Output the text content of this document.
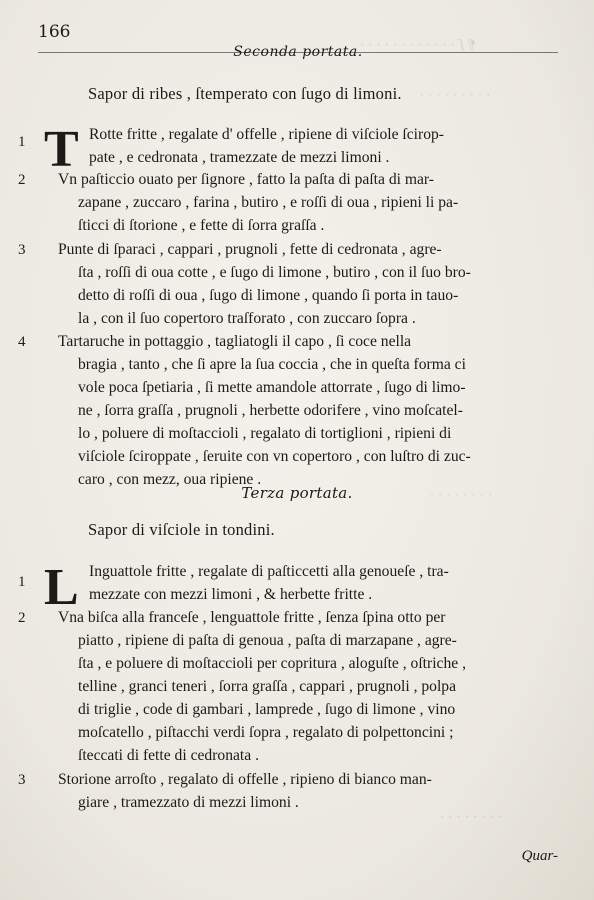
¶ ſ · · · · · · · · · · · ·
· · · · · · · · ·
· · · · · · · ·
· · · · · · · ·
166
Seconda portata.
Sapor di ribes , ſtemperato con ſugo di limoni.
1 T Rotte fritte , regalate d' offelle , ripiene di viſciole ſcirop-
pate , e cedronata , tramezzate de mezzi limoni .
2	Vn paſticcio ouato per ſignore , fatto la paſta di paſta di mar-
zapane , zuccaro , farina , butiro , e roſſi di oua , ripieni li pa-
ſticci di ſtorione , e fette di ſorra graſſa .
3	Punte di ſparaci , cappari , prugnoli , fette di cedronata , agre-
ſta , roſſi di oua cotte , e ſugo di limone , butiro , con il ſuo bro-
detto di roſſi di oua , ſugo di limone , quando ſi porta in tauo-
la , con il ſuo copertoro traſforato , con zuccaro ſopra .
4	Tartaruche in pottaggio , tagliatogli il capo , ſi coce nella
bragia , tanto , che ſi apre la ſua coccia , che in queſta forma ci
vole poca ſpetiaria , ſi mette amandole attorrate , ſugo di limo-
ne , ſorra graſſa , prugnoli , herbette odorifere , vino moſcatel-
lo , poluere di moſtaccioli , regalato di tortiglioni , ripieni di
viſciole ſciroppate , ſeruite con vn copertoro , con luſtro di zuc-
caro , con mezz, oua ripiene .
Terza portata.
Sapor di viſciole in tondini.
1 L Inguattole fritte , regalate di paſticcetti alla genoueſe , tra-
mezzate con mezzi limoni , & herbette fritte .
2	Vna biſca alla franceſe , lenguattole fritte , ſenza ſpina otto per
piatto , ripiene di paſta di genoua , paſta di marzapane , agre-
ſta , e poluere di moſtaccioli per copritura , aloguſte , oſtriche ,
telline , granci teneri , ſorra graſſa , cappari , prugnoli , polpa
di triglie , code di gambari , lamprede , ſugo di limone , vino
moſcatello , piſtacchi verdi ſopra , regalato di polpettoncini ;
ſteccati di fette di cedronata .
3	Storione arroſto , regalato di offelle , ripieno di bianco man-
giare , tramezzato di mezzi limoni .
Quar-
